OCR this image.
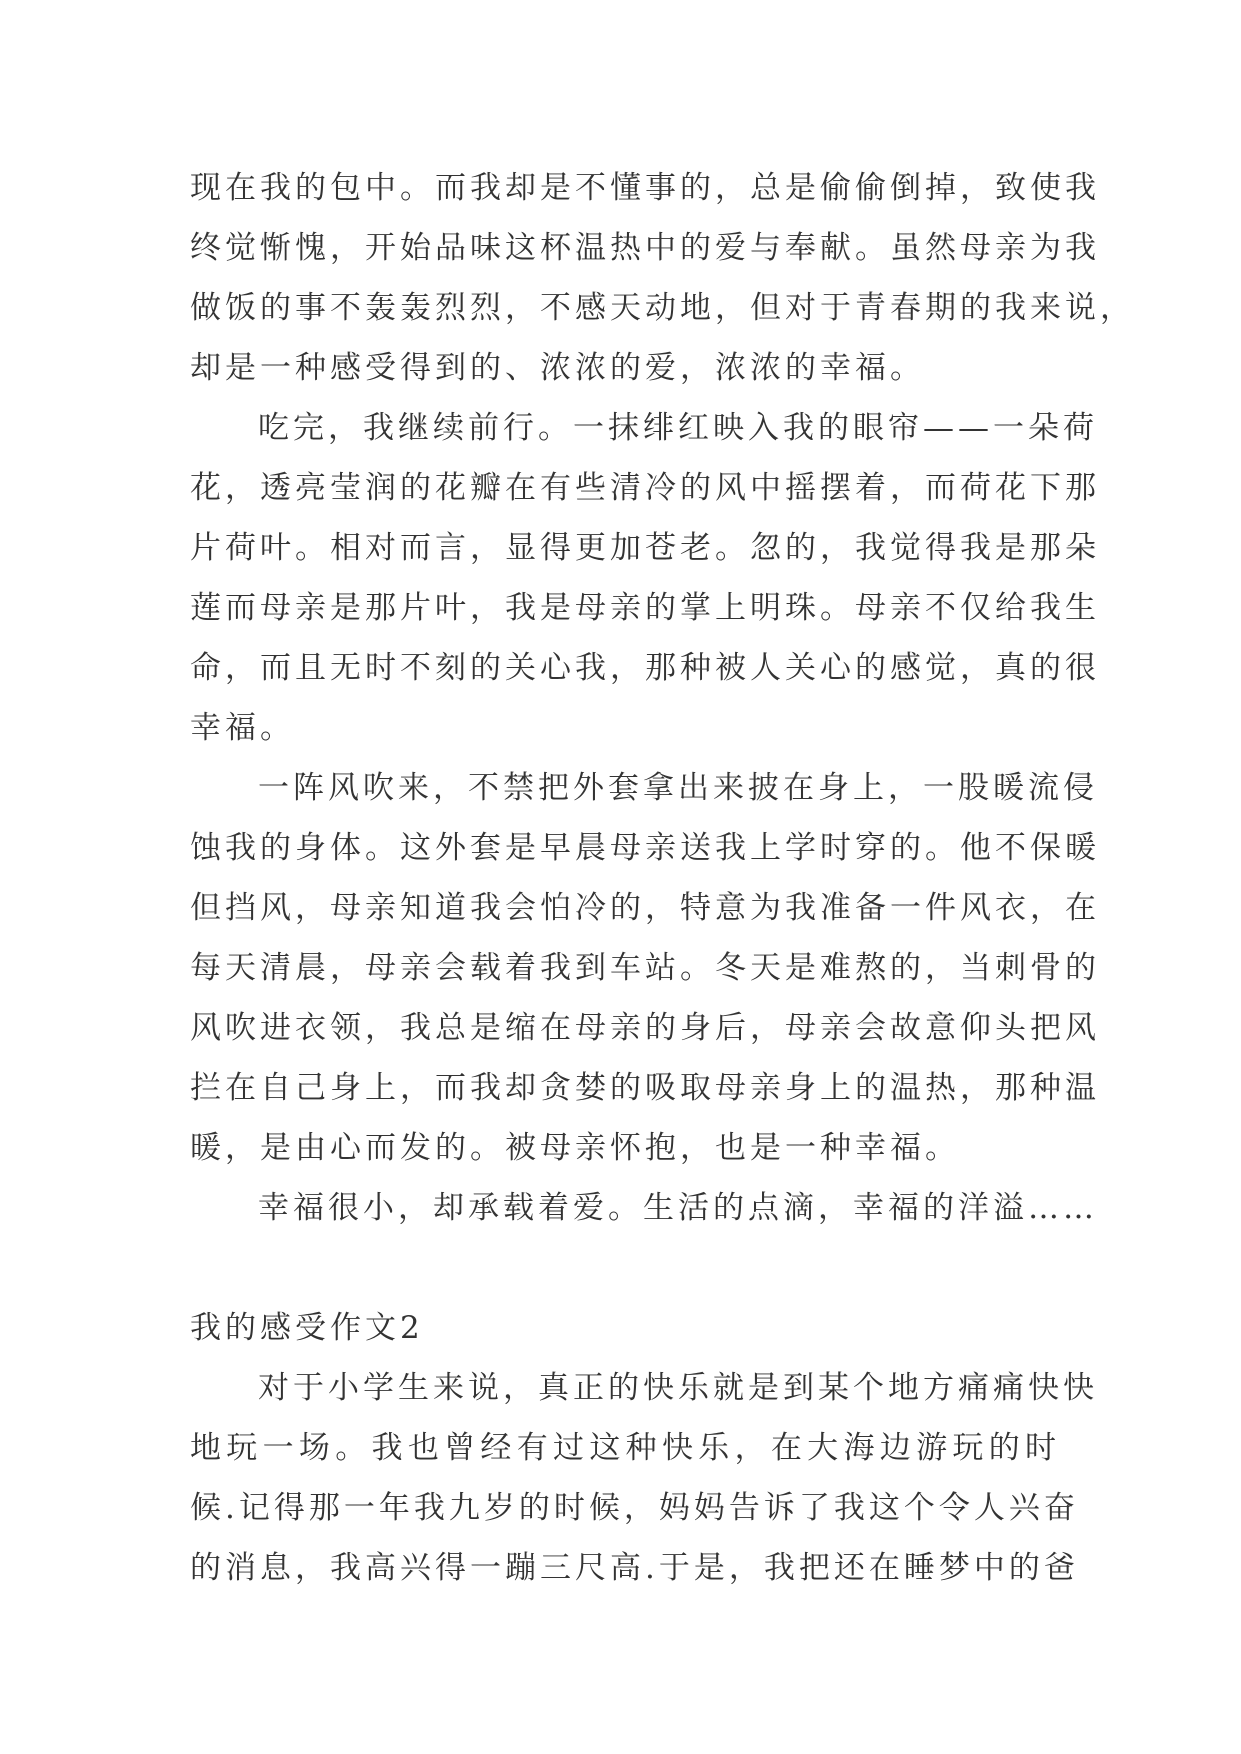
现在我的包中。而我却是不懂事的，总是偷偷倒掉，致使我
终觉惭愧，开始品味这杯温热中的爱与奉献。虽然母亲为我
做饭的事不轰轰烈烈，不感天动地，但对于青春期的我来说，
却是一种感受得到的、浓浓的爱，浓浓的幸福。
吃完，我继续前行。一抹绯红映入我的眼帘——一朵荷
花，透亮莹润的花瓣在有些清冷的风中摇摆着，而荷花下那
片荷叶。相对而言，显得更加苍老。忽的，我觉得我是那朵
莲而母亲是那片叶，我是母亲的掌上明珠。母亲不仅给我生
命，而且无时不刻的关心我，那种被人关心的感觉，真的很
幸福。
一阵风吹来，不禁把外套拿出来披在身上，一股暖流侵
蚀我的身体。这外套是早晨母亲送我上学时穿的。他不保暖
但挡风，母亲知道我会怕冷的，特意为我准备一件风衣，在
每天清晨，母亲会载着我到车站。冬天是难熬的，当刺骨的
风吹进衣领，我总是缩在母亲的身后，母亲会故意仰头把风
拦在自己身上，而我却贪婪的吸取母亲身上的温热，那种温
暖，是由心而发的。被母亲怀抱，也是一种幸福。
幸福很小，却承载着爱。生活的点滴，幸福的洋溢……
我的感受作文2
对于小学生来说，真正的快乐就是到某个地方痛痛快快
地玩一场。我也曾经有过这种快乐，在大海边游玩的时
候.记得那一年我九岁的时候，妈妈告诉了我这个令人兴奋
的消息，我高兴得一蹦三尺高.于是，我把还在睡梦中的爸
